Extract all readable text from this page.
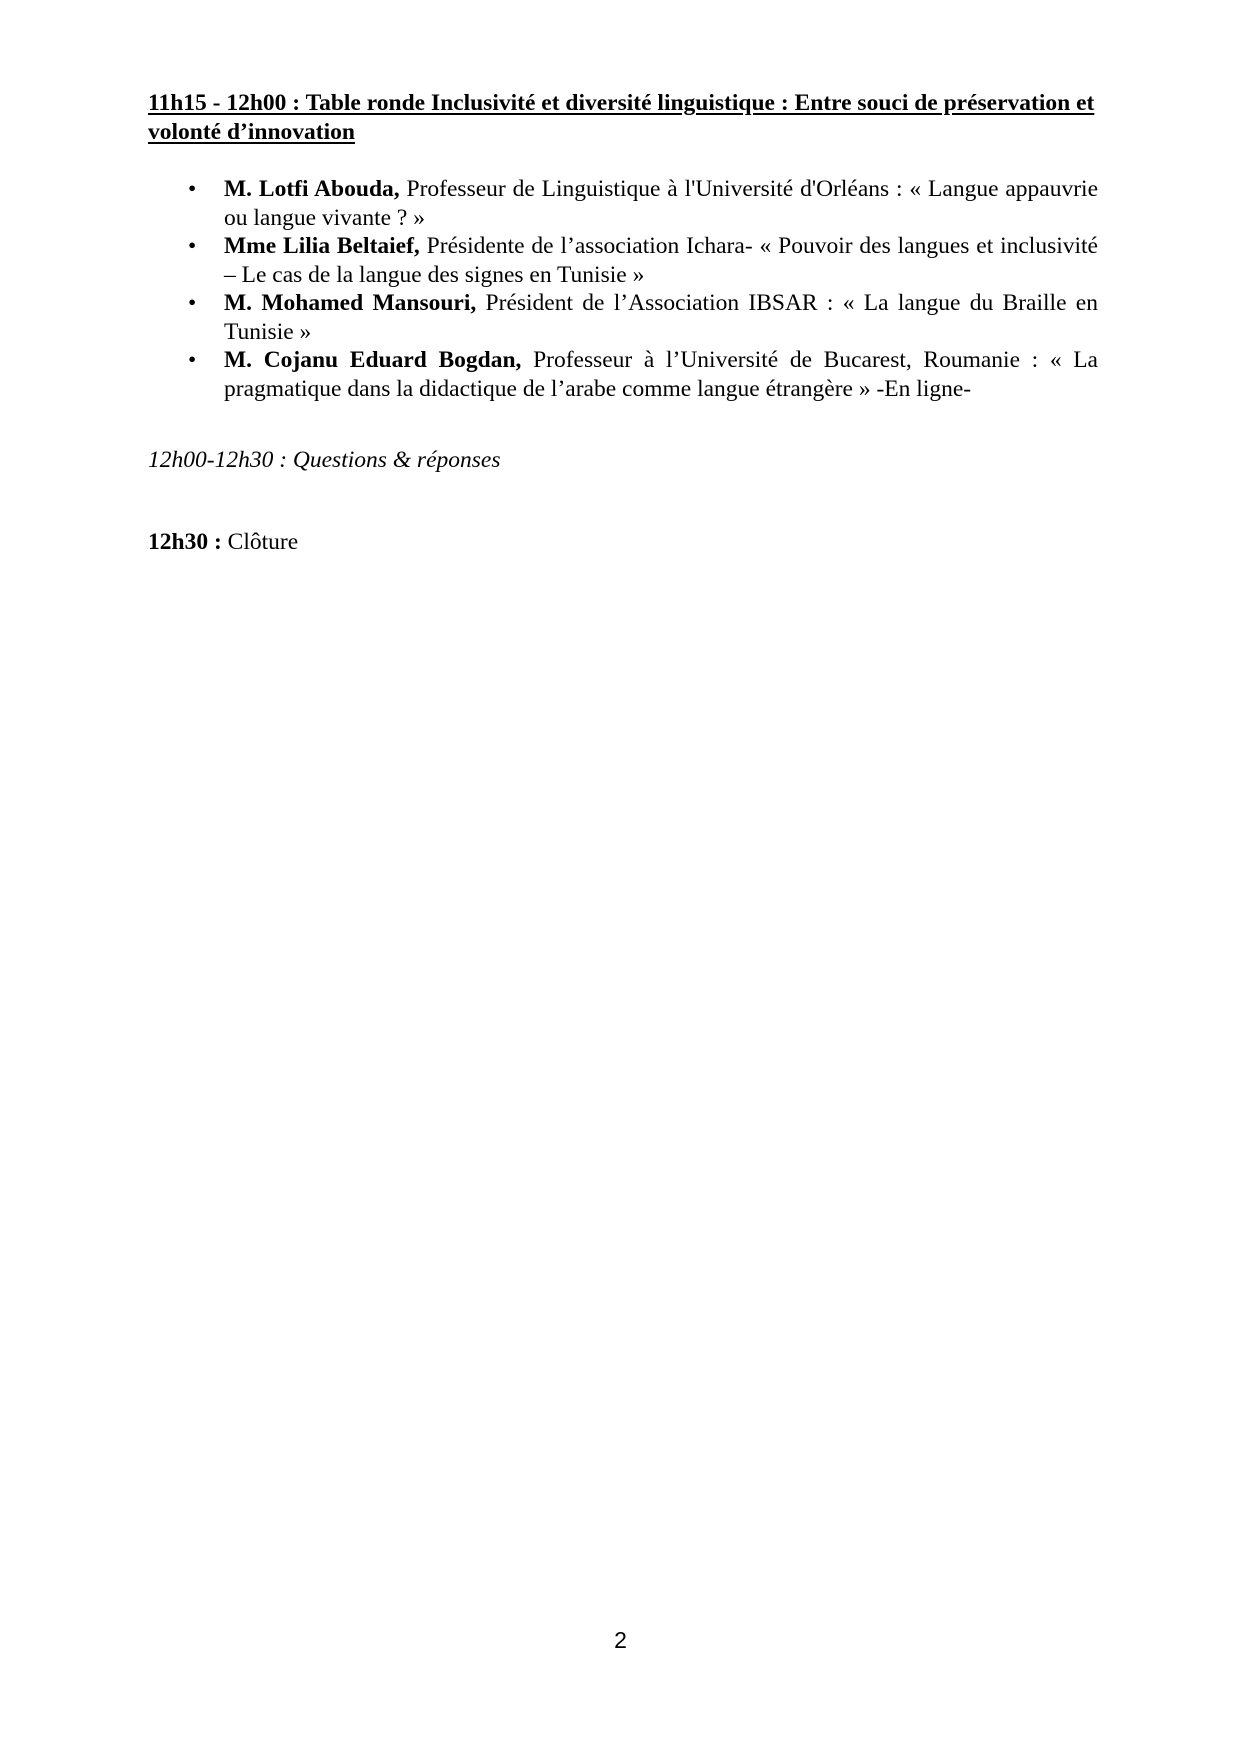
11h15 - 12h00 : Table ronde Inclusivité et diversité linguistique : Entre souci de préservation et volonté d’innovation
• M. Lotfi Abouda, Professeur de Linguistique à l'Université d'Orléans : « Langue appauvrie ou langue vivante ? »
• Mme Lilia Beltaief, Présidente de l’association Ichara- « Pouvoir des langues et inclusivité – Le cas de la langue des signes en Tunisie »
• M. Mohamed Mansouri, Président de l’Association IBSAR : « La langue du Braille en Tunisie »
• M. Cojanu Eduard Bogdan, Professeur à l’Université de Bucarest, Roumanie : « La pragmatique dans la didactique de l’arabe comme langue étrangère » -En ligne-
12h00-12h30 : Questions & réponses
12h30 : Clôture
2
